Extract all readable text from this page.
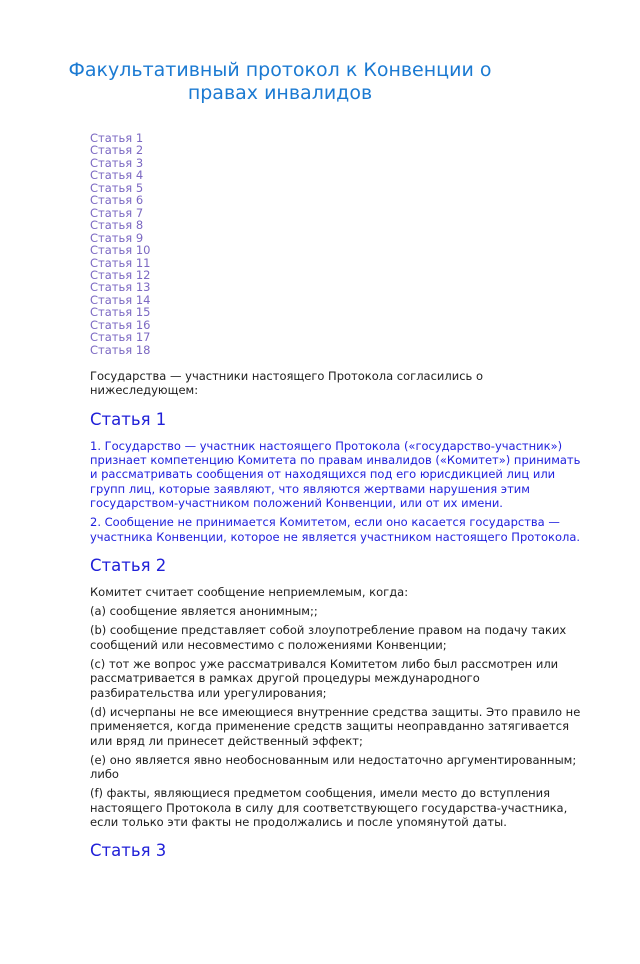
Факультативный протокол к Конвенции о правах инвалидов
Статья 1
Статья 2
Статья 3
Статья 4
Статья 5
Статья 6
Статья 7
Статья 8
Статья 9
Статья 10
Статья 11
Статья 12
Статья 13
Статья 14
Статья 15
Статья 16
Статья 17
Статья 18

Государства — участники настоящего Протокола согласились о нижеследующем:

Статья 1

1. Государство — участник настоящего Протокола («государство-участник») признает компетенцию Комитета по правам инвалидов («Комитет») принимать и рассматривать сообщения от находящихся под его юрисдикцией лиц или групп лиц, которые заявляют, что являются жертвами нарушения этим государством-участником положений Конвенции, или от их имени.

2. Сообщение не принимается Комитетом, если оно касается государства — участника Конвенции, которое не является участником настоящего Протокола.

Статья 2

Комитет считает сообщение неприемлемым, когда:

(a) сообщение является анонимным;;

(b) сообщение представляет собой злоупотребление правом на подачу таких сообщений или несовместимо с положениями Конвенции;

(c) тот же вопрос уже рассматривался Комитетом либо был рассмотрен или рассматривается в рамках другой процедуры международного разбирательства или урегулирования;

(d) исчерпаны не все имеющиеся внутренние средства защиты. Это правило не применяется, когда применение средств защиты неоправданно затягивается или вряд ли принесет действенный эффект;

(e) оно является явно необоснованным или недостаточно аргументированным; либо

(f) факты, являющиеся предметом сообщения, имели место до вступления настоящего Протокола в силу для соответствующего государства-участника, если только эти факты не продолжались и после упомянутой даты.

Статья 3
